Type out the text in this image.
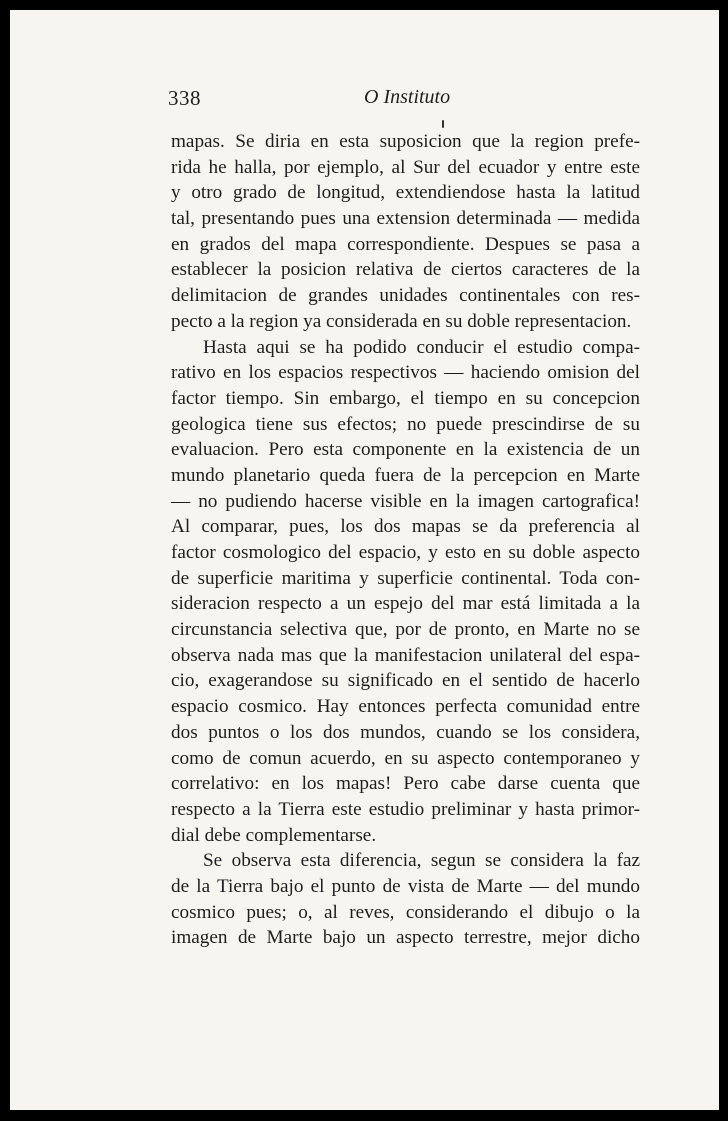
338	O Instituto
mapas. Se diria en esta suposicion que la region prefe-
rida he halla, por ejemplo, al Sur del ecuador y entre este
y otro grado de longitud, extendiendose hasta la latitud
tal, presentando pues una extension determinada — medida
en grados del mapa correspondiente. Despues se pasa a
establecer la posicion relativa de ciertos caracteres de la
delimitacion de grandes unidades continentales con res-
pecto a la region ya considerada en su doble representacion.
Hasta aqui se ha podido conducir el estudio compa-
rativo en los espacios respectivos — haciendo omision del
factor tiempo. Sin embargo, el tiempo en su concepcion
geologica tiene sus efectos; no puede prescindirse de su
evaluacion. Pero esta componente en la existencia de un
mundo planetario queda fuera de la percepcion en Marte
— no pudiendo hacerse visible en la imagen cartografica!
Al comparar, pues, los dos mapas se da preferencia al
factor cosmologico del espacio, y esto en su doble aspecto
de superficie maritima y superficie continental. Toda con-
sideracion respecto a un espejo del mar está limitada a la
circunstancia selectiva que, por de pronto, en Marte no se
observa nada mas que la manifestacion unilateral del espa-
cio, exagerandose su significado en el sentido de hacerlo
espacio cosmico. Hay entonces perfecta comunidad entre
dos puntos o los dos mundos, cuando se los considera,
como de comun acuerdo, en su aspecto contemporaneo y
correlativo: en los mapas! Pero cabe darse cuenta que
respecto a la Tierra este estudio preliminar y hasta primor-
dial debe complementarse.
Se observa esta diferencia, segun se considera la faz
de la Tierra bajo el punto de vista de Marte — del mundo
cosmico pues; o, al reves, considerando el dibujo o la
imagen de Marte bajo un aspecto terrestre, mejor dicho
